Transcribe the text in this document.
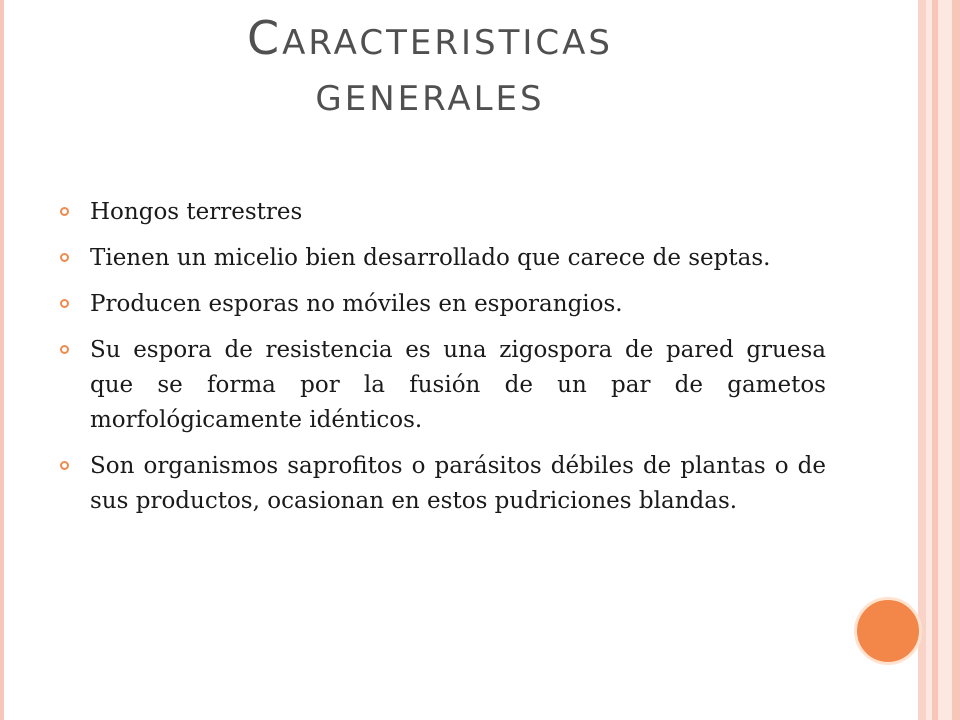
CARACTERISTICAS
GENERALES
Hongos terrestres
Tienen un micelio bien desarrollado que carece de septas.
Producen esporas no móviles en esporangios.
Su espora de resistencia es una zigospora de pared gruesa que se forma por la fusión de un par de gametos morfológicamente idénticos.
Son organismos saprofitos o parásitos débiles de plantas o de sus productos, ocasionan en estos pudriciones blandas.
